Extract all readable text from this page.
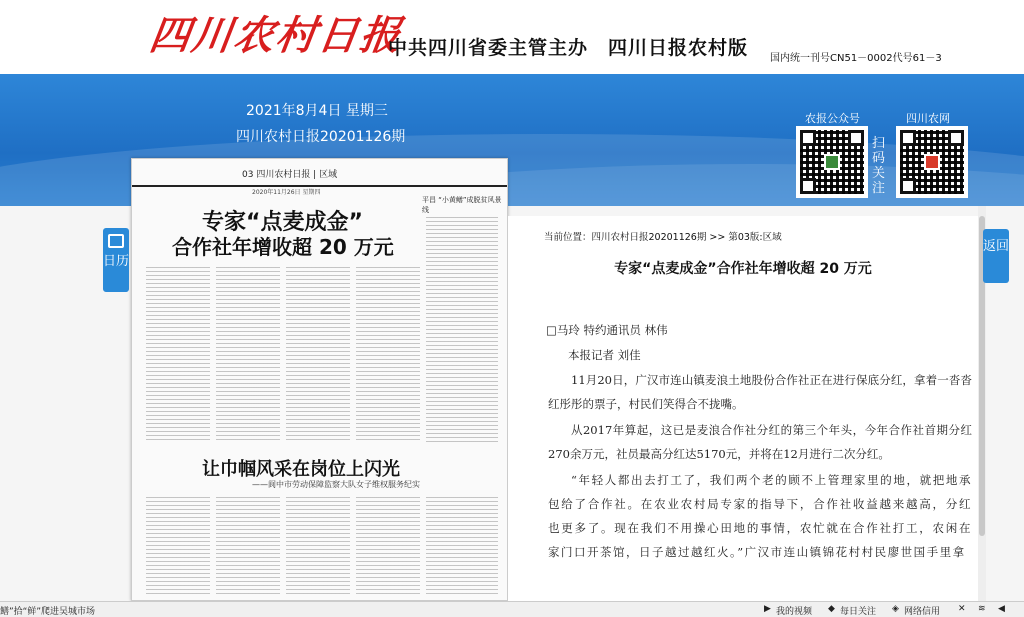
四川农村日报
中共四川省委主管主办　四川日报农村版 国内统一刊号CN51－0002代号61－3
2021年8月4日 星期三
四川农村日报20201126期
农报公众号
扫码关注
四川农网
03 四川农村日报 | 区域
2020年11月26日 星期四
平昌 “小黄鳝”成脱贫风景线
专家“点麦成金”
合作社年增收超 20 万元
让巾帼风采在岗位上闪光
——阆中市劳动保障监察大队女子维权服务纪实
日历
当前位置：四川农村日报20201126期 >> 第03版:区域
专家“点麦成金”合作社年增收超 20 万元
□马玲 特约通讯员 林伟
本报记者 刘佳
11月20日，广汉市连山镇麦浪土地股份合作社正在进行保底分红，拿着一沓沓红彤彤的票子，村民们笑得合不拢嘴。
从2017年算起，这已是麦浪合作社分红的第三个年头，今年合作社首期分红270余万元，社员最高分红达5170元，并将在12月进行二次分红。
“年轻人都出去打工了，我们两个老的顾不上管理家里的地，就把地承包给了合作社。在农业农村局专家的指导下，合作社收益越来越高，分红也更多了。现在我们不用操心田地的事情，农忙就在合作社打工，农闲在家门口开茶馆，日子越过越红火。”广汉市连山镇锦花村村民廖世国手里拿
返回
鳝”拾“鲜”爬进吴城市场	▶ 我的视频 ◆ 每日关注 ◈ 网络信用 ✕ ≋ ◀
